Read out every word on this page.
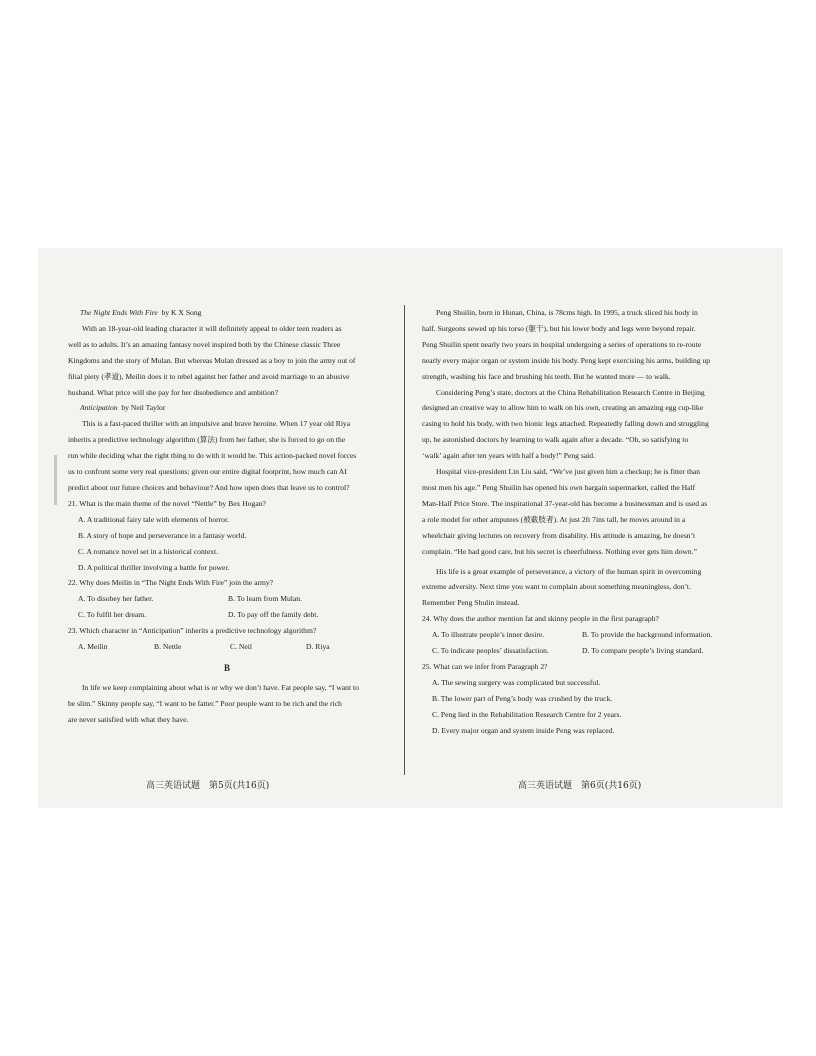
The Night Ends With Fire by K X Song

With an 18-year-old leading character it will definitely appeal to older teen readers as

well as to adults. It’s an amazing fantasy novel inspired both by the Chinese classic Three

Kingdoms and the story of Mulan. But whereas Mulan dressed as a boy to join the army out of

filial piety (孝道), Meilin does it to rebel against her father and avoid marriage to an abusive

husband. What price will she pay for her disobedience and ambition?

Anticipation by Neil Taylor

This is a fast-paced thriller with an impulsive and brave heroine. When 17 year old Riya

inherits a predictive technology algorithm (算法) from her father, she is forced to go on the

run while deciding what the right thing to do with it would be. This action-packed novel forces

us to confront some very real questions; given our entire digital footprint, how much can AI

predict about our future choices and behaviour? And how open does that leave us to control?

21. What is the main theme of the novel “Nettle” by Bex Hogan?

A. A traditional fairy tale with elements of horror.

B. A story of hope and perseverance in a fantasy world.

C. A romance novel set in a historical context.

D. A political thriller involving a battle for power.

22. Why does Meilin in “The Night Ends With Fire” join the army?

A. To disobey her father.	B. To learn from Mulan.
C. To fulfil her dream.	D. To pay off the family debt.

23. Which character in “Anticipation” inherits a predictive technology algorithm?

A. Meilin	B. Nettle	C. Neil	D. Riya

B

In life we keep complaining about what is or why we don’t have. Fat people say, “I want to

be slim.” Skinny people say, “I want to be fatter.” Poor people want to be rich and the rich

are never satisfied with what they have.

Peng Shuilin, born in Hunan, China, is 78cms high. In 1995, a truck sliced his body in

half. Surgeons sewed up his torso (躯干), but his lower body and legs were beyond repair.

Peng Shuilin spent nearly two years in hospital undergoing a series of operations to re-route

nearly every major organ or system inside his body. Peng kept exercising his arms, building up

strength, washing his face and brushing his teeth. But he wanted more — to walk.

Considering Peng’s state, doctors at the China Rehabilitation Research Centre in Beijing

designed an creative way to allow him to walk on his own, creating an amazing egg cup-like

casing to hold his body, with two bionic legs attached. Repeatedly falling down and struggling

up, he astonished doctors by learning to walk again after a decade. “Oh, so satisfying to

‘walk’ again after ten years with half a body!” Peng said.

Hospital vice-president Lin Liu said, “We’ve just given him a checkup; he is fitter than

most men his age.” Peng Shuilin has opened his own bargain supermarket, called the Half

Man-Half Price Store. The inspirational 37-year-old has become a businessman and is used as

a role model for other amputees (被截肢者). At just 2ft 7ins tall, he moves around in a

wheelchair giving lectures on recovery from disability. His attitude is amazing, he doesn’t

complain. “He had good care, but his secret is cheerfulness. Nothing ever gets him down.”

His life is a great example of perseverance, a victory of the human spirit in overcoming

extreme adversity. Next time you want to complain about something meaningless, don’t.

Remember Peng Shulin instead.

24. Why does the author mention fat and skinny people in the first paragraph?

A. To illustrate people’s inner desire.	B. To provide the background information.
C. To indicate peoples’ dissatisfaction.	D. To compare people’s living standard.

25. What can we infer from Paragraph 2?

A. The sewing surgery was complicated but successful.

B. The lower part of Peng’s body was crushed by the truck.

C. Peng lied in the Rehabilitation Research Centre for 2 years.

D. Every major organ and system inside Peng was replaced.

高三英语试题　第5页(共16页)	高三英语试题　第6页(共16页)
